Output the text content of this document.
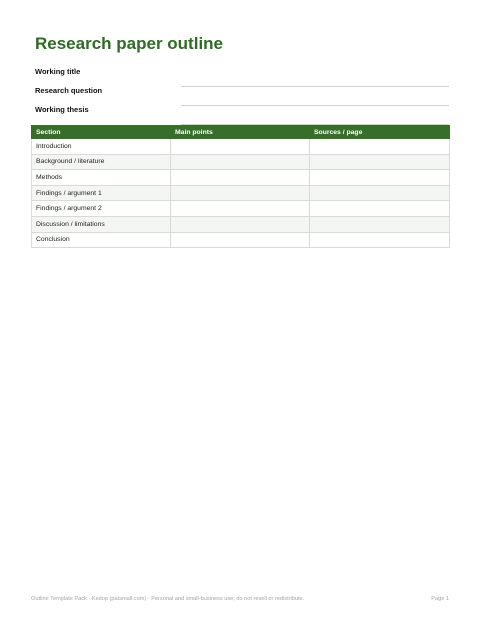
Research paper outline
Working title
Research question
Working thesis
Section	Main points	Sources / page
Introduction		
Background / literature		
Methods		
Findings / argument 1		
Findings / argument 2		
Discussion / limitations		
Conclusion		
Outline Template Pack · Kedop (patsmall.com) · Personal and small-business use; do not resell or redistribute.	Page 1
